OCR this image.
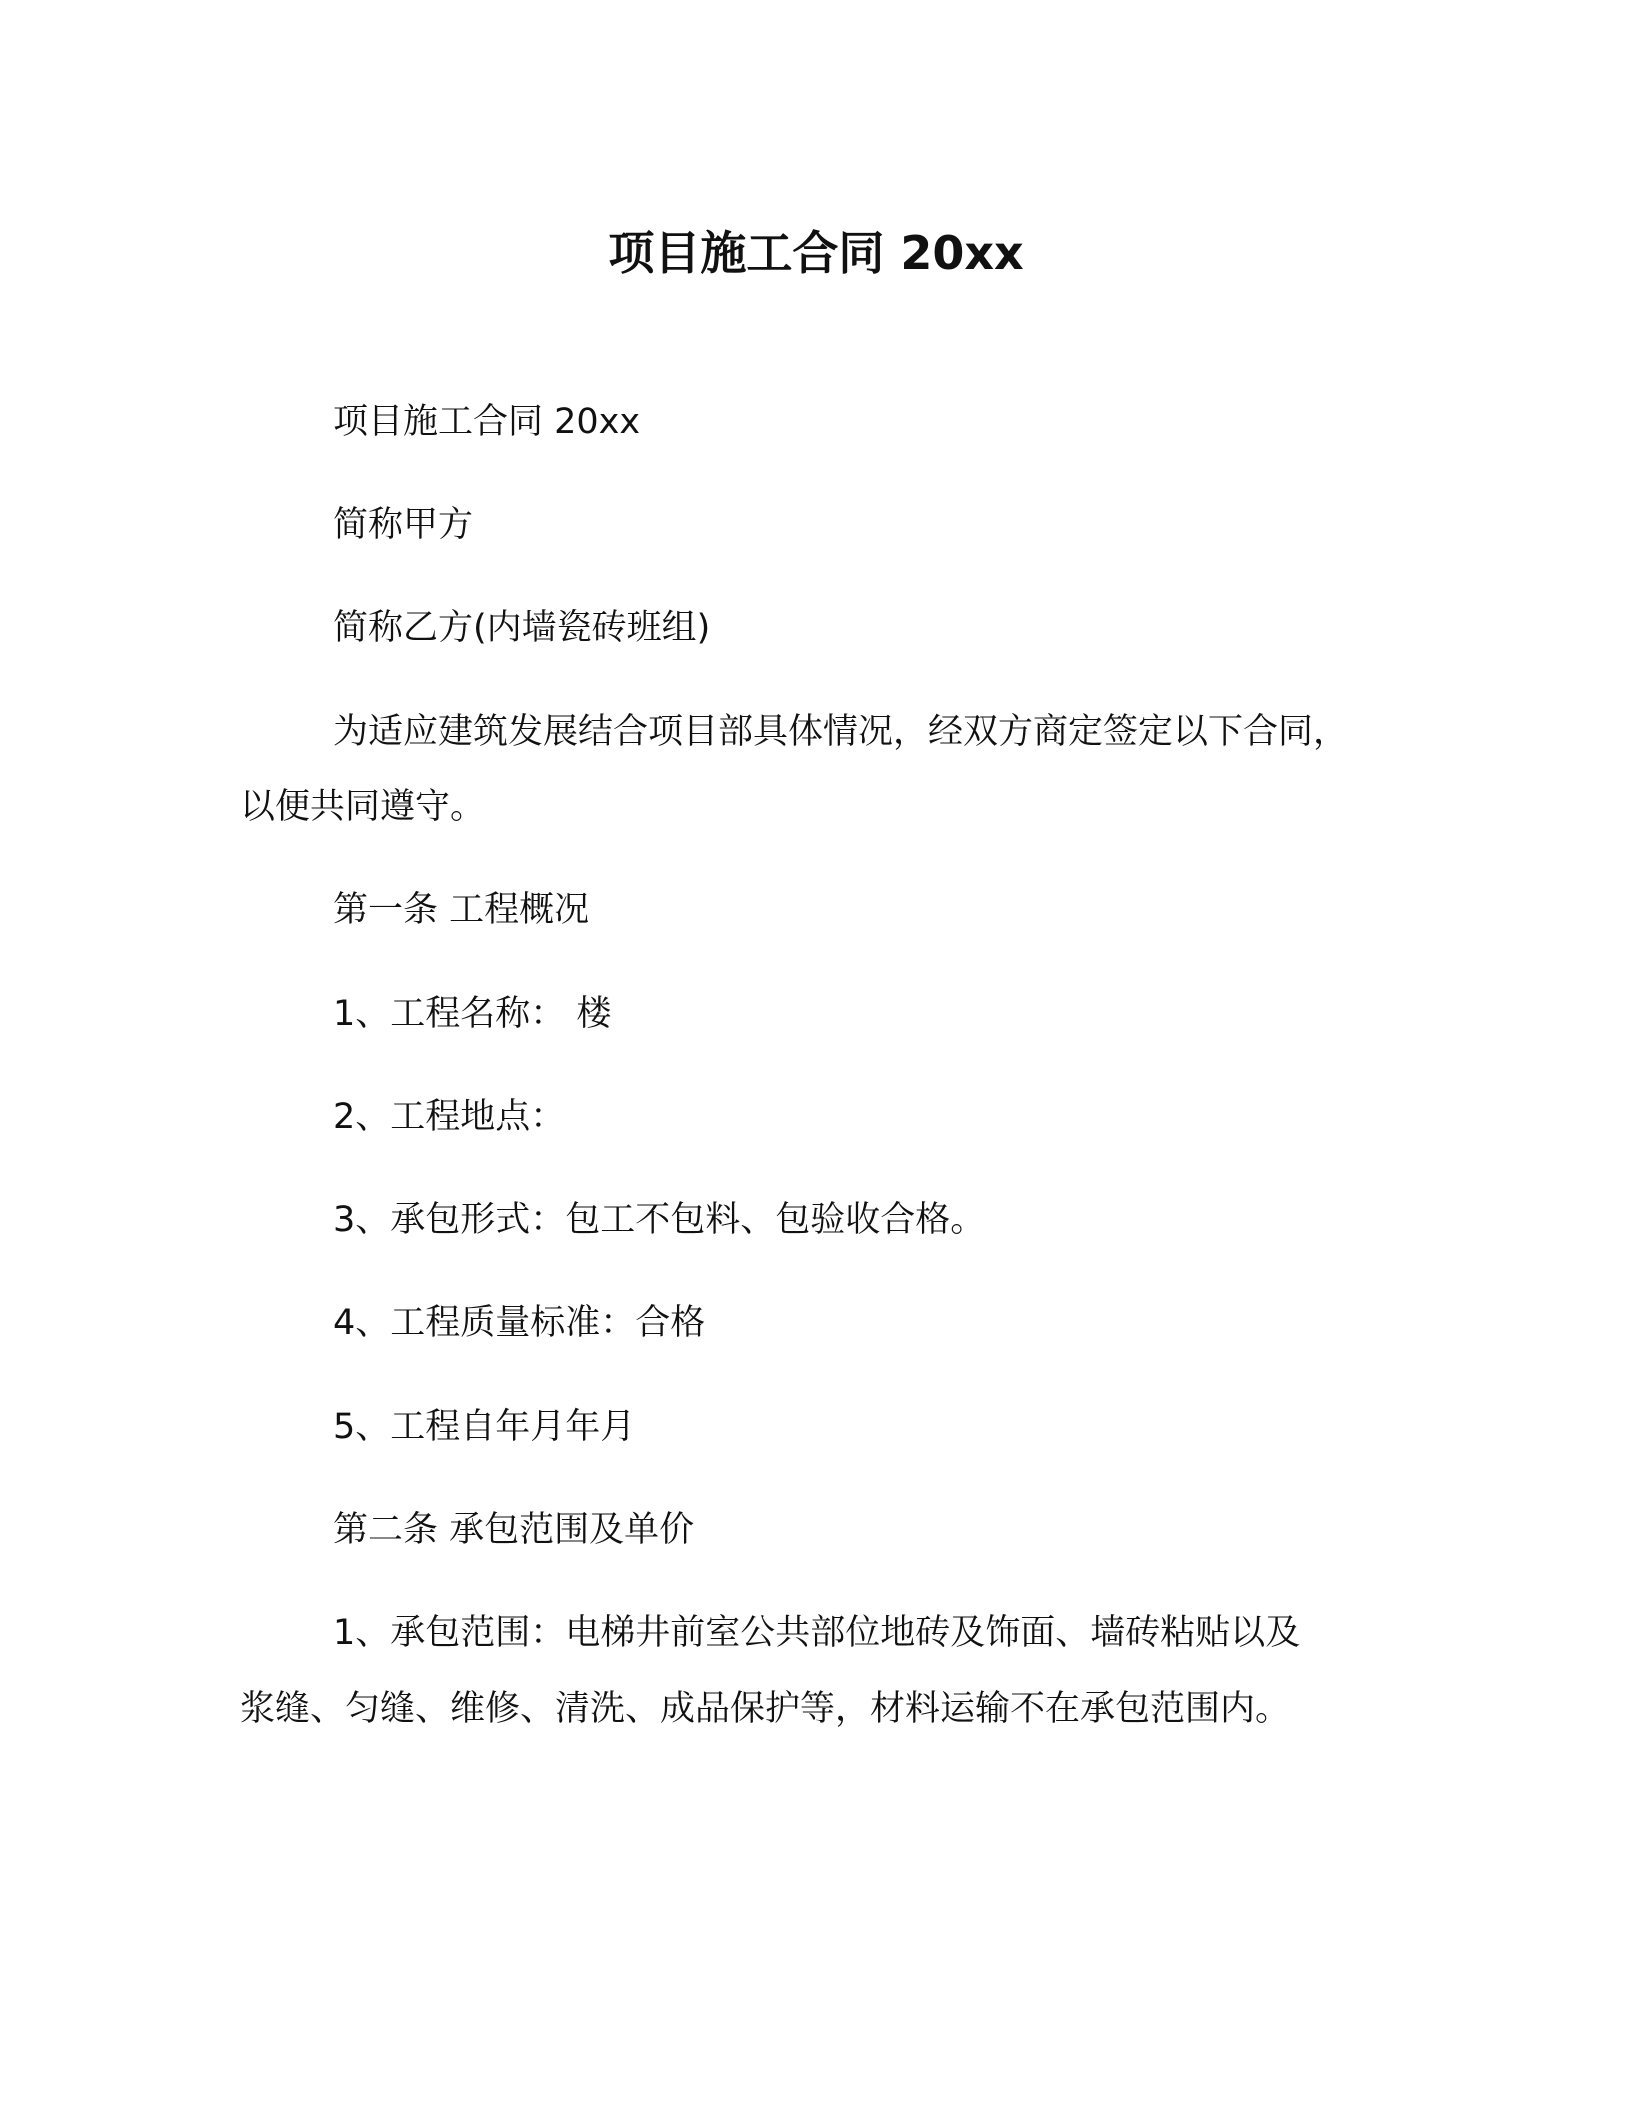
项目施工合同 20xx
项目施工合同 20xx
简称甲方
简称乙方(内墙瓷砖班组)
为适应建筑发展结合项目部具体情况，经双方商定签定以下合同，
以便共同遵守。
第一条 工程概况
1、工程名称： 楼
2、工程地点：
3、承包形式：包工不包料、包验收合格。
4、工程质量标准：合格
5、工程自年月年月
第二条 承包范围及单价
1、承包范围：电梯井前室公共部位地砖及饰面、墙砖粘贴以及
浆缝、匀缝、维修、清洗、成品保护等，材料运输不在承包范围内。
